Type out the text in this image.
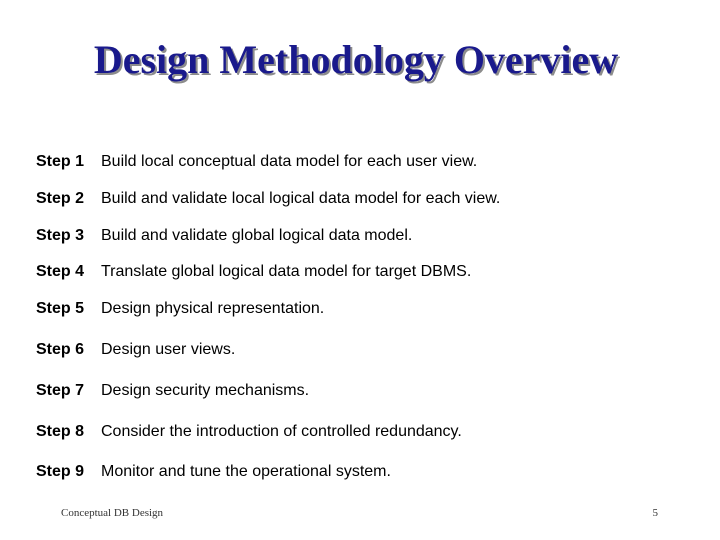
Design Methodology Overview
Step 1 Build local conceptual data model for each user view.
Step 2 Build and validate local logical data model for each view.
Step 3 Build and validate global logical data model.
Step 4 Translate global logical data model for target DBMS.
Step 5 Design physical representation.
Step 6 Design user views.
Step 7 Design security mechanisms.
Step 8 Consider the introduction of controlled redundancy.
Step 9 Monitor and tune the operational system.
Conceptual DB Design	5
